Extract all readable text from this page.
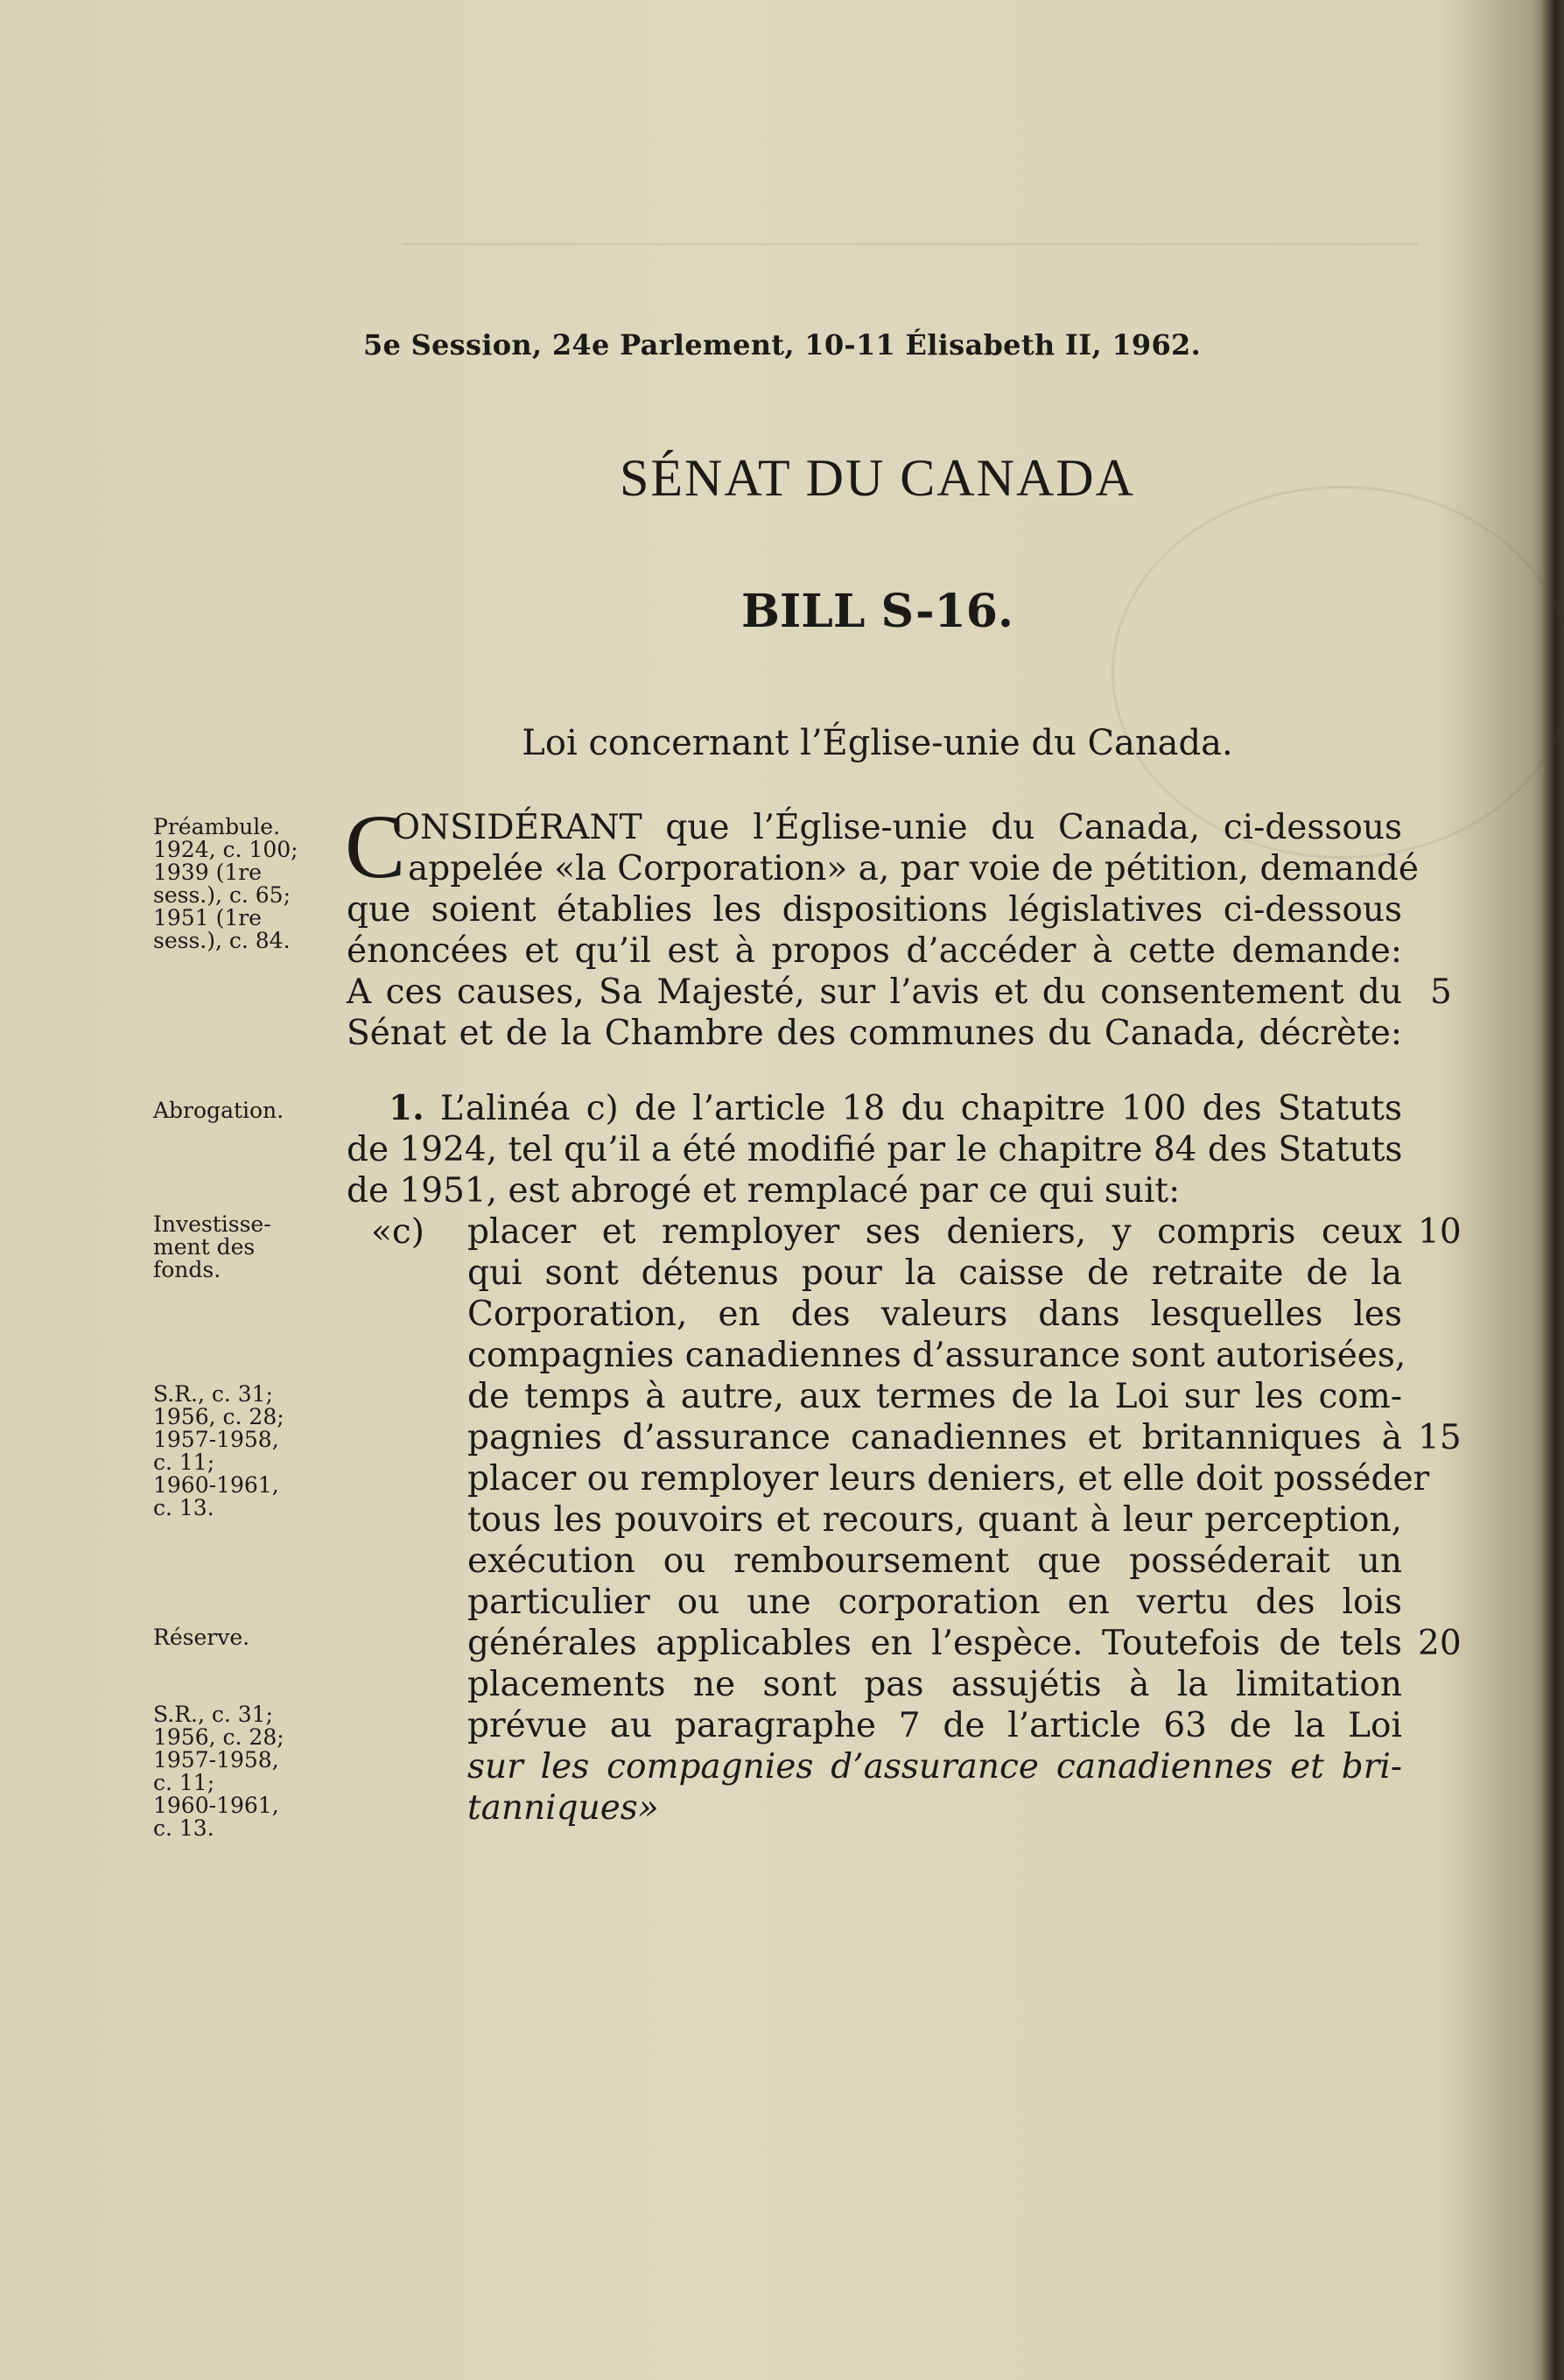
5e Session, 24e Parlement, 10-11 Élisabeth II, 1962.
SÉNAT DU CANADA
BILL S-16.
Loi concernant l’Église-unie du Canada.
Préambule.
1924, c. 100;
1939 (1re
sess.), c. 65;
1951 (1re
sess.), c. 84.
Abrogation.
Investisse-
ment des
fonds.
S.R., c. 31;
1956, c. 28;
1957-1958,
c. 11;
1960-1961,
c. 13.
Réserve.
S.R., c. 31;
1956, c. 28;
1957-1958,
c. 11;
1960-1961,
c. 13.
C
ONSIDÉRANT que l’Église-unie du Canada, ci-dessous
appelée «la Corporation» a, par voie de pétition, demandé
que soient établies les dispositions législatives ci-dessous
énoncées et qu’il est à propos d’accéder à cette demande:
A ces causes, Sa Majesté, sur l’avis et du consentement du
Sénat et de la Chambre des communes du Canada, décrète:
1. L’alinéa c) de l’article 18 du chapitre 100 des Statuts
de 1924, tel qu’il a été modifié par le chapitre 84 des Statuts
de 1951, est abrogé et remplacé par ce qui suit:
«c) placer et remployer ses deniers, y compris ceux
qui sont détenus pour la caisse de retraite de la
Corporation, en des valeurs dans lesquelles les
compagnies canadiennes d’assurance sont autorisées,
de temps à autre, aux termes de la Loi sur les com-
pagnies d’assurance canadiennes et britanniques à
placer ou remployer leurs deniers, et elle doit posséder
tous les pouvoirs et recours, quant à leur perception,
exécution ou remboursement que posséderait un
particulier ou une corporation en vertu des lois
générales applicables en l’espèce. Toutefois de tels
placements ne sont pas assujétis à la limitation
prévue au paragraphe 7 de l’article 63 de la Loi
sur les compagnies d’assurance canadiennes et bri-
tanniques»
5
10
15
20
